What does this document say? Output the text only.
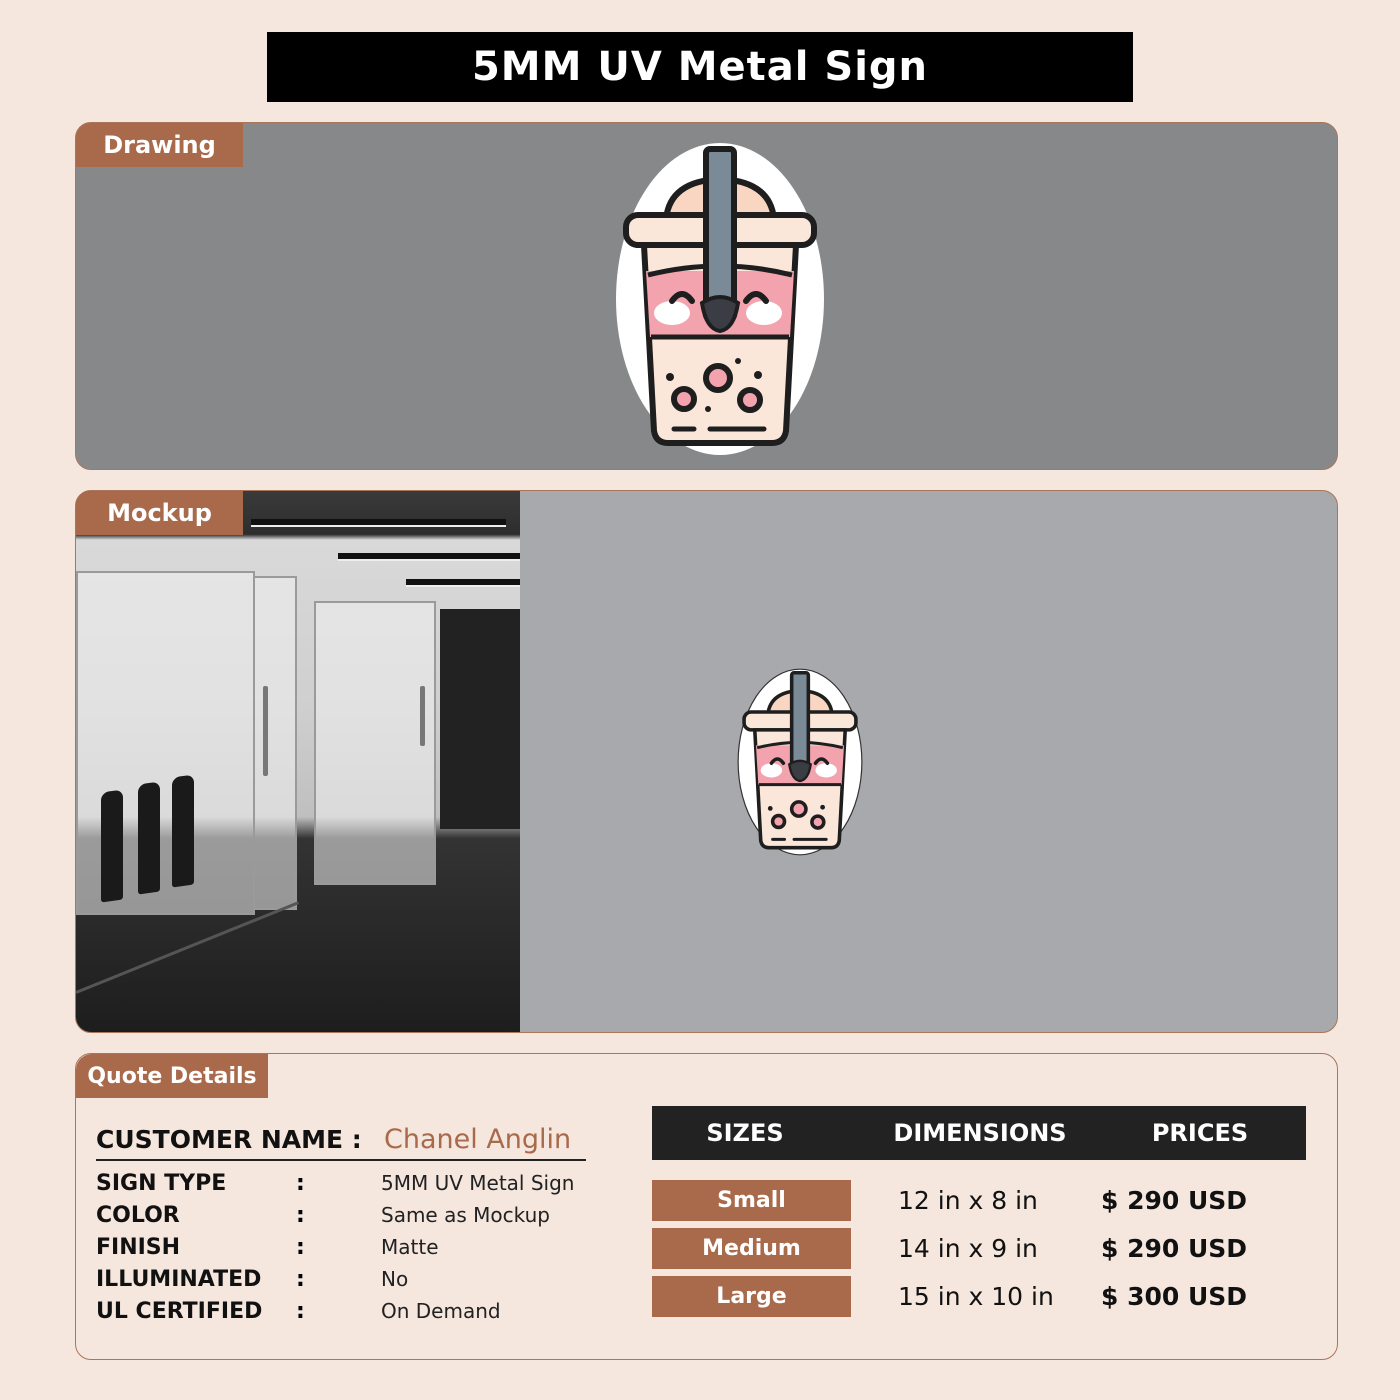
5MM UV Metal Sign
Drawing
Mockup
Quote Details
CUSTOMER NAME : Chanel Anglin
SIGN TYPE	:	5MM UV Metal Sign
COLOR	:	Same as Mockup
FINISH	:	Matte
ILLUMINATED	:	No
UL CERTIFIED	:	On Demand
SIZES	DIMENSIONS	PRICES
Small	12 in x 8 in	$ 290 USD
Medium	14 in x 9 in	$ 290 USD
Large	15 in x 10 in	$ 300 USD
